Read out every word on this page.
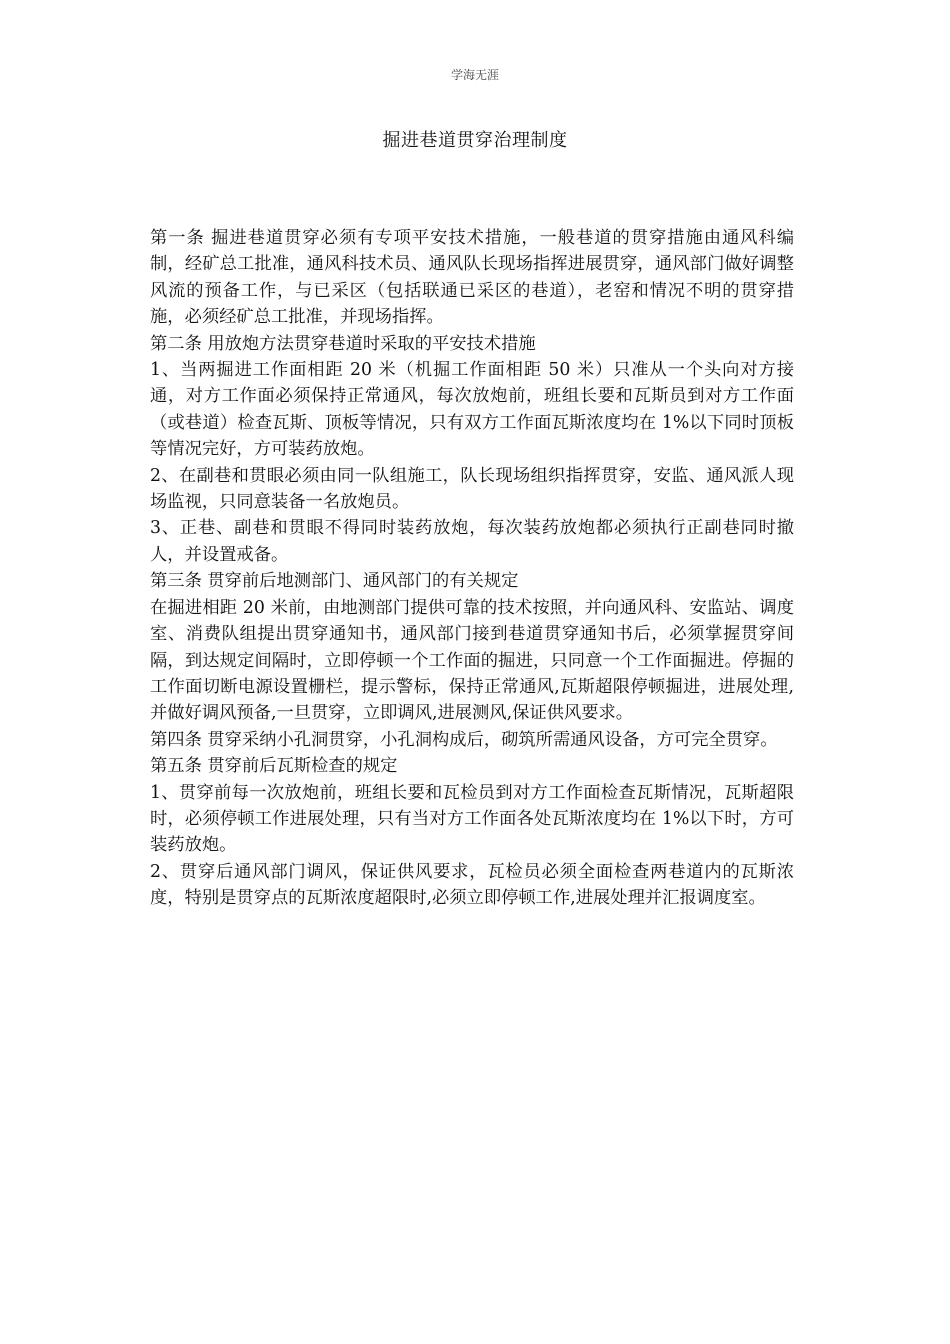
学海无涯
掘进巷道贯穿治理制度

第一条 掘进巷道贯穿必须有专项平安技术措施，一般巷道的贯穿措施由通风科编制，经矿总工批准，通风科技术员、通风队长现场指挥进展贯穿，通风部门做好调整风流的预备工作，与已采区（包括联通已采区的巷道），老窑和情况不明的贯穿措施，必须经矿总工批准，并现场指挥。

第二条 用放炮方法贯穿巷道时采取的平安技术措施

1、当两掘进工作面相距 20 米（机掘工作面相距 50 米）只准从一个头向对方接通，对方工作面必须保持正常通风，每次放炮前，班组长要和瓦斯员到对方工作面（或巷道）检查瓦斯、顶板等情况，只有双方工作面瓦斯浓度均在 1%以下同时顶板等情况完好，方可装药放炮。

2、在副巷和贯眼必须由同一队组施工，队长现场组织指挥贯穿，安监、通风派人现场监视，只同意装备一名放炮员。

3、正巷、副巷和贯眼不得同时装药放炮，每次装药放炮都必须执行正副巷同时撤人，并设置戒备。

第三条 贯穿前后地测部门、通风部门的有关规定

在掘进相距 20 米前，由地测部门提供可靠的技术按照，并向通风科、安监站、调度室、消费队组提出贯穿通知书，通风部门接到巷道贯穿通知书后，必须掌握贯穿间隔，到达规定间隔时，立即停顿一个工作面的掘进，只同意一个工作面掘进。停掘的工作面切断电源设置栅栏，提示警标，保持正常通风,瓦斯超限停顿掘进，进展处理,并做好调风预备,一旦贯穿，立即调风,进展测风,保证供风要求。

第四条 贯穿采纳小孔洞贯穿，小孔洞构成后，砌筑所需通风设备，方可完全贯穿。

第五条 贯穿前后瓦斯检查的规定

1、贯穿前每一次放炮前，班组长要和瓦检员到对方工作面检查瓦斯情况，瓦斯超限时，必须停顿工作进展处理，只有当对方工作面各处瓦斯浓度均在 1%以下时，方可装药放炮。

2、贯穿后通风部门调风，保证供风要求，瓦检员必须全面检查两巷道内的瓦斯浓度，特别是贯穿点的瓦斯浓度超限时,必须立即停顿工作,进展处理并汇报调度室。
